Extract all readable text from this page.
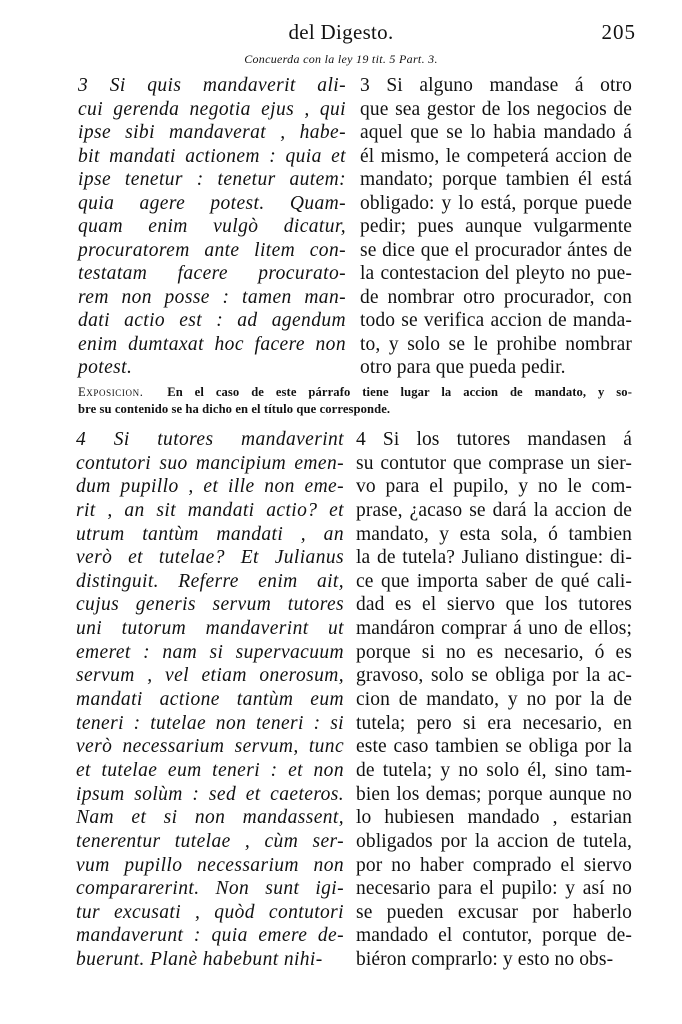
del Digesto.	205
Concuerda con la ley 19 tit. 5 Part. 3.
3 Si quis mandaverit ali-
cui gerenda negotia ejus , qui
ipse sibi mandaverat , habe-
bit mandati actionem : quia et
ipse tenetur : tenetur autem:
quia agere potest. Quam-
quam enim vulgò dicatur,
procuratorem ante litem con-
testatam facere procurato-
rem non posse : tamen man-
dati actio est : ad agendum
enim dumtaxat hoc facere non
potest.
3 Si alguno mandase á otro
que sea gestor de los negocios de
aquel que se lo habia mandado á
él mismo, le competerá accion de
mandato; porque tambien él está
obligado: y lo está, porque puede
pedir; pues aunque vulgarmente
se dice que el procurador ántes de
la contestacion del pleyto no pue-
de nombrar otro procurador, con
todo se verifica accion de manda-
to, y solo se le prohibe nombrar
otro para que pueda pedir.
Exposicion. En el caso de este párrafo tiene lugar la accion de mandato, y so-
bre su contenido se ha dicho en el título que corresponde.
4 Si tutores mandaverint
contutori suo mancipium emen-
dum pupillo , et ille non eme-
rit , an sit mandati actio? et
utrum tantùm mandati , an
verò et tutelae? Et Julianus
distinguit. Referre enim ait,
cujus generis servum tutores
uni tutorum mandaverint ut
emeret : nam si supervacuum
servum , vel etiam onerosum,
mandati actione tantùm eum
teneri : tutelae non teneri : si
verò necessarium servum, tunc
et tutelae eum teneri : et non
ipsum solùm : sed et caeteros.
Nam et si non mandassent,
tenerentur tutelae , cùm ser-
vum pupillo necessarium non
compararerint. Non sunt igi-
tur excusati , quòd contutori
mandaverunt : quia emere de-
buerunt. Planè habebunt nihi-
4 Si los tutores mandasen á
su contutor que comprase un sier-
vo para el pupilo, y no le com-
prase, ¿acaso se dará la accion de
mandato, y esta sola, ó tambien
la de tutela? Juliano distingue: di-
ce que importa saber de qué cali-
dad es el siervo que los tutores
mandáron comprar á uno de ellos;
porque si no es necesario, ó es
gravoso, solo se obliga por la ac-
cion de mandato, y no por la de
tutela; pero si era necesario, en
este caso tambien se obliga por la
de tutela; y no solo él, sino tam-
bien los demas; porque aunque no
lo hubiesen mandado , estarian
obligados por la accion de tutela,
por no haber comprado el siervo
necesario para el pupilo: y así no
se pueden excusar por haberlo
mandado el contutor, porque de-
biéron comprarlo: y esto no obs-
